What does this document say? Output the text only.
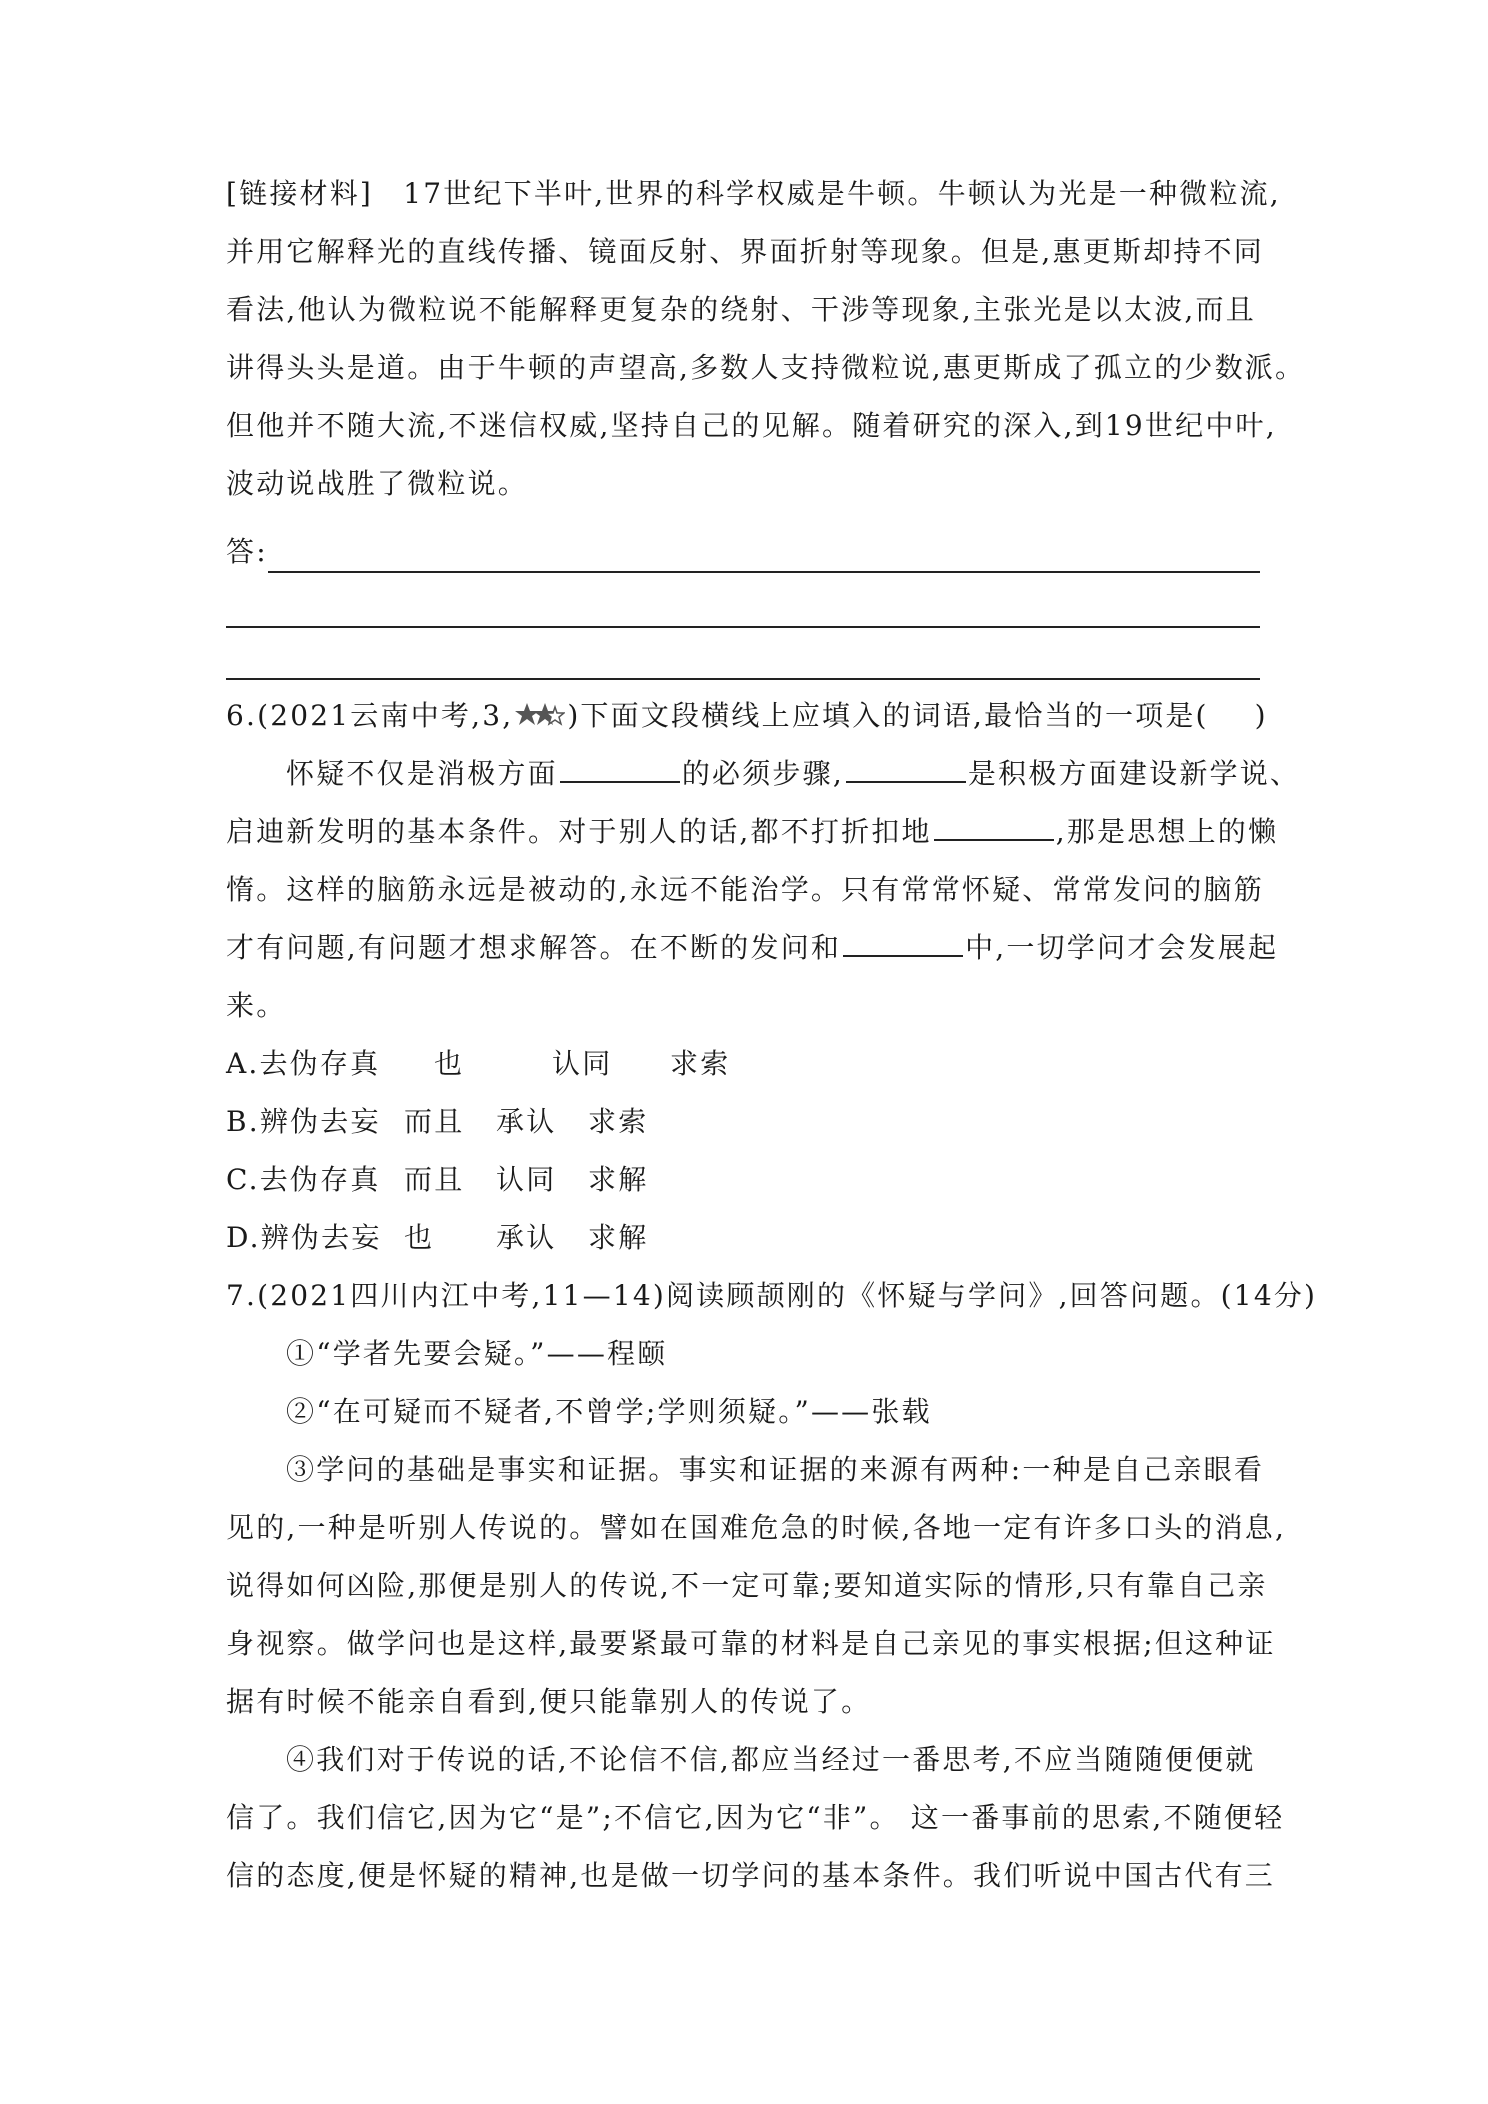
[链接材料]　17世纪下半叶,世界的科学权威是牛顿。牛顿认为光是一种微粒流,
并用它解释光的直线传播、镜面反射、界面折射等现象。但是,惠更斯却持不同
看法,他认为微粒说不能解释更复杂的绕射、干涉等现象,主张光是以太波,而且
讲得头头是道。由于牛顿的声望高,多数人支持微粒说,惠更斯成了孤立的少数派。
但他并不随大流,不迷信权威,坚持自己的见解。随着研究的深入,到19世纪中叶,
波动说战胜了微粒说。
答:
6.(2021云南中考,3, )下面文段横线上应填入的词语,最恰当的一项是( )
怀疑不仅是消极方面	的必须步骤,	是积极方面建设新学说、
启迪新发明的基本条件。对于别人的话,都不打折扣地	,那是思想上的懒
惰。这样的脑筋永远是被动的,永远不能治学。只有常常怀疑、常常发问的脑筋
才有问题,有问题才想求解答。在不断的发问和	中,一切学问才会发展起
来。
A.去伪存真 也	认同 求索
B.辨伪去妄 而且 承认 求索
C.去伪存真 而且 认同 求解
D.辨伪去妄 也 承认 求解
7.(2021四川内江中考,11—14)阅读顾颉刚的《怀疑与学问》,回答问题。(14分)
①“学者先要会疑。”——程颐
②“在可疑而不疑者,不曾学;学则须疑。”——张载
③学问的基础是事实和证据。事实和证据的来源有两种:一种是自己亲眼看
见的,一种是听别人传说的。譬如在国难危急的时候,各地一定有许多口头的消息,
说得如何凶险,那便是别人的传说,不一定可靠;要知道实际的情形,只有靠自己亲
身视察。做学问也是这样,最要紧最可靠的材料是自己亲见的事实根据;但这种证
据有时候不能亲自看到,便只能靠别人的传说了。
④我们对于传说的话,不论信不信,都应当经过一番思考,不应当随随便便就
信了。我们信它,因为它“是”;不信它,因为它“非”。 这一番事前的思索,不随便轻
信的态度,便是怀疑的精神,也是做一切学问的基本条件。我们听说中国古代有三
